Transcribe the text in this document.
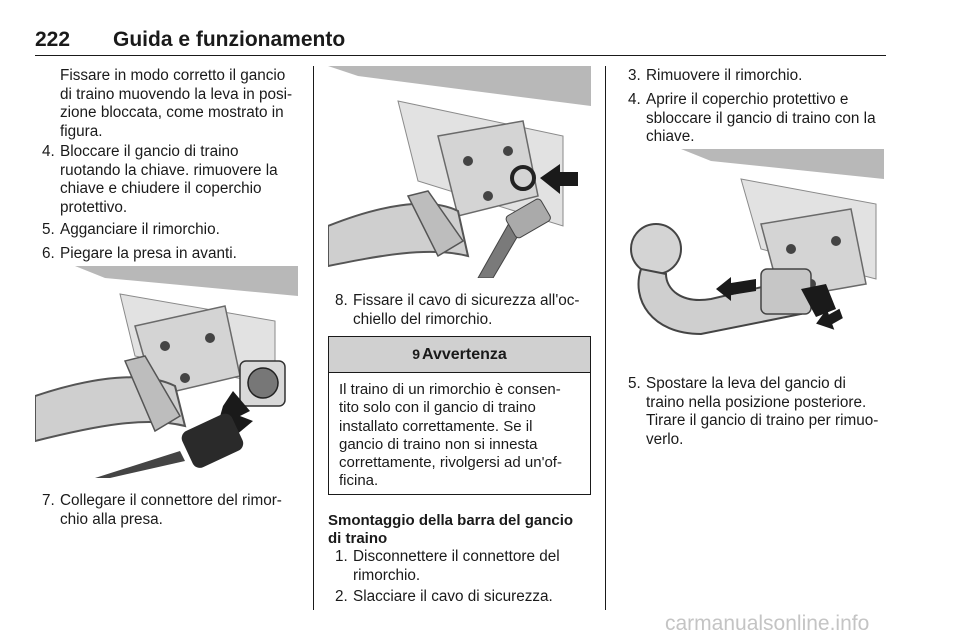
222 Guida e funzionamento
Fissare in modo corretto il gancio di traino muovendo la leva in posi-zione bloccata, come mostrato in figura.
4. Bloccare il gancio di traino ruotando la chiave. rimuovere la chiave e chiudere il coperchio protettivo.
5. Agganciare il rimorchio.
6. Piegare la presa in avanti.
7. Collegare il connettore del rimor-chio alla presa.
8. Fissare il cavo di sicurezza all'oc-chiello del rimorchio.
9 Avvertenza
Il traino di un rimorchio è consen-tito solo con il gancio di traino installato correttamente. Se il gancio di traino non si innesta correttamente, rivolgersi ad un'of-ficina.
Smontaggio della barra del gancio di traino
1. Disconnettere il connettore del rimorchio.
2. Slacciare il cavo di sicurezza.
3. Rimuovere il rimorchio.
4. Aprire il coperchio protettivo e sbloccare il gancio di traino con la chiave.
5. Spostare la leva del gancio di traino nella posizione posteriore. Tirare il gancio di traino per rimuo-verlo.
carmanualsonline.info
